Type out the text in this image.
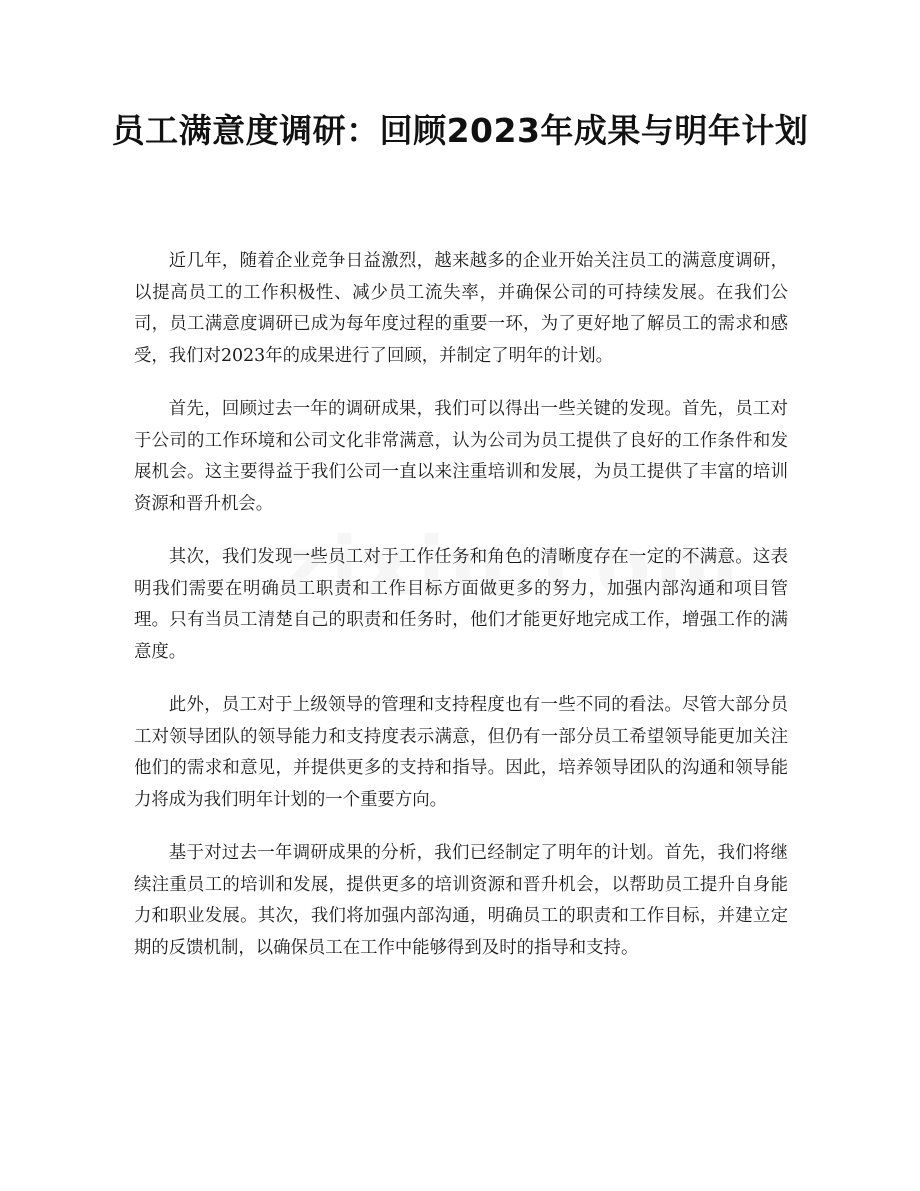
员工满意度调研：回顾2023年成果与明年计划

近几年，随着企业竞争日益激烈，越来越多的企业开始关注员工的满意度调研，以提高员工的工作积极性、减少员工流失率，并确保公司的可持续发展。在我们公司，员工满意度调研已成为每年度过程的重要一环，为了更好地了解员工的需求和感受，我们对2023年的成果进行了回顾，并制定了明年的计划。

首先，回顾过去一年的调研成果，我们可以得出一些关键的发现。首先，员工对于公司的工作环境和公司文化非常满意，认为公司为员工提供了良好的工作条件和发展机会。这主要得益于我们公司一直以来注重培训和发展，为员工提供了丰富的培训资源和晋升机会。

其次，我们发现一些员工对于工作任务和角色的清晰度存在一定的不满意。这表明我们需要在明确员工职责和工作目标方面做更多的努力，加强内部沟通和项目管理。只有当员工清楚自己的职责和任务时，他们才能更好地完成工作，增强工作的满意度。

此外，员工对于上级领导的管理和支持程度也有一些不同的看法。尽管大部分员工对领导团队的领导能力和支持度表示满意，但仍有一部分员工希望领导能更加关注他们的需求和意见，并提供更多的支持和指导。因此，培养领导团队的沟通和领导能力将成为我们明年计划的一个重要方向。

基于对过去一年调研成果的分析，我们已经制定了明年的计划。首先，我们将继续注重员工的培训和发展，提供更多的培训资源和晋升机会，以帮助员工提升自身能力和职业发展。其次，我们将加强内部沟通，明确员工的职责和工作目标，并建立定期的反馈机制，以确保员工在工作中能够得到及时的指导和支持。
